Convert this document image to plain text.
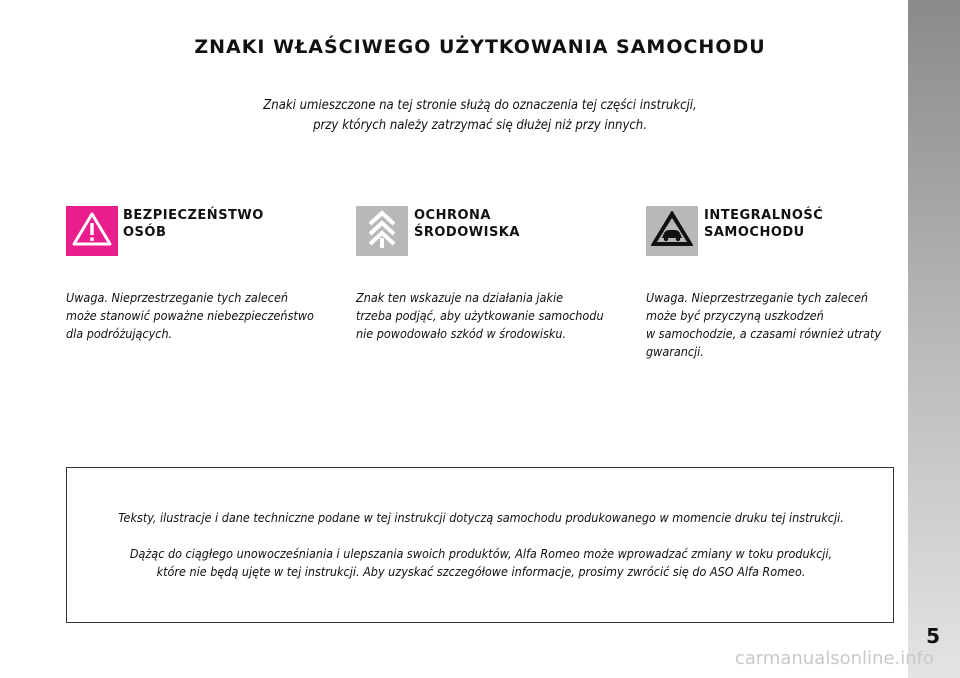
ZNAKI WŁAŚCIWEGO UŻYTKOWANIA SAMOCHODU
Znaki umieszczone na tej stronie służą do oznaczenia tej części instrukcji,
przy których należy zatrzymać się dłużej niż przy innych.
BEZPIECZEŃSTWO
OSÓB
Uwaga. Nieprzestrzeganie tych zaleceń
może stanowić poważne niebezpieczeństwo
dla podróżujących.
OCHRONA
ŚRODOWISKA
Znak ten wskazuje na działania jakie
trzeba podjąć, aby użytkowanie samochodu
nie powodowało szkód w środowisku.
INTEGRALNOŚĆ
SAMOCHODU
Uwaga. Nieprzestrzeganie tych zaleceń
może być przyczyną uszkodzeń
w samochodzie, a czasami również utraty
gwarancji.
Teksty, ilustracje i dane techniczne podane w tej instrukcji dotyczą samochodu produkowanego w momencie druku tej instrukcji.
Dążąc do ciągłego unowocześniania i ulepszania swoich produktów, Alfa Romeo może wprowadzać zmiany w toku produkcji,
które nie będą ujęte w tej instrukcji. Aby uzyskać szczegółowe informacje, prosimy zwrócić się do ASO Alfa Romeo.
5
carmanualsonline.info
